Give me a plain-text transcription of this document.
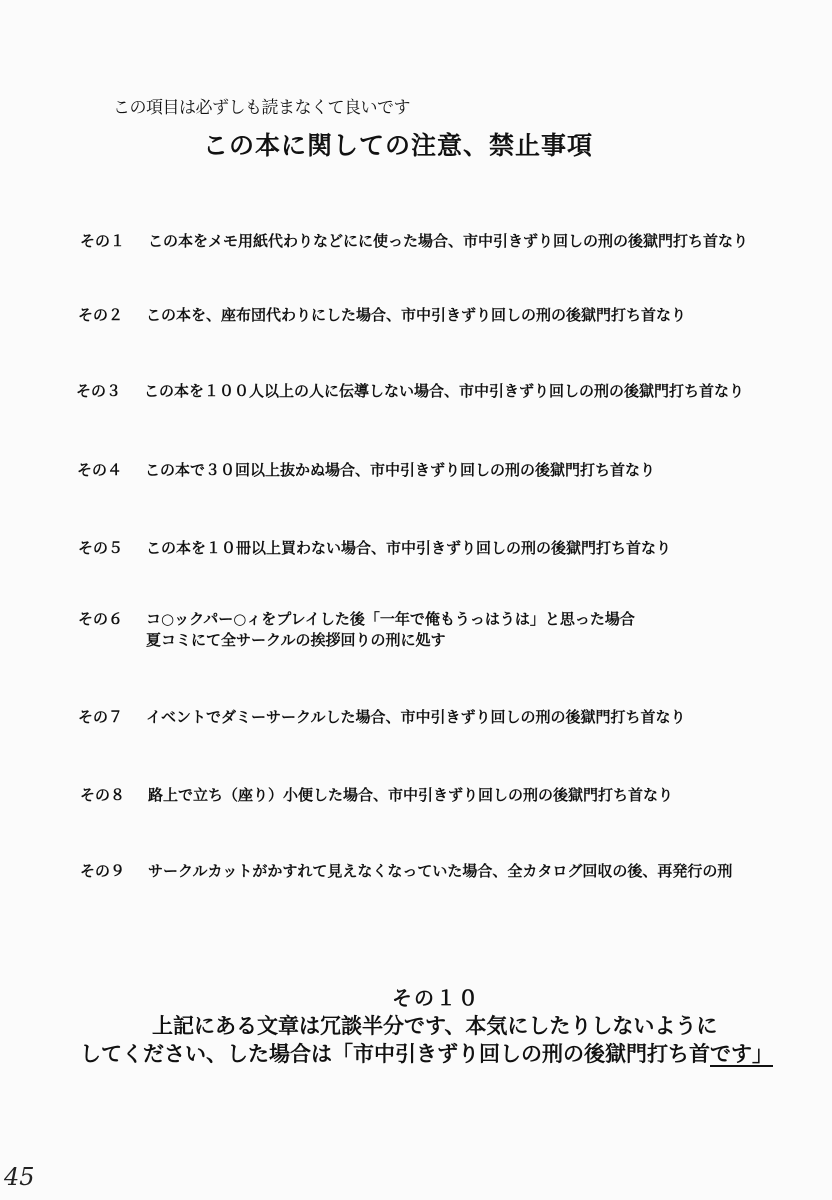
この項目は必ずしも読まなくて良いです
この本に関しての注意、禁止事項
その１ この本をメモ用紙代わりなどにに使った場合、市中引きずり回しの刑の後獄門打ち首なり
その２ この本を、座布団代わりにした場合、市中引きずり回しの刑の後獄門打ち首なり
その３ この本を１００人以上の人に伝導しない場合、市中引きずり回しの刑の後獄門打ち首なり
その４ この本で３０回以上抜かぬ場合、市中引きずり回しの刑の後獄門打ち首なり
その５ この本を１０冊以上買わない場合、市中引きずり回しの刑の後獄門打ち首なり
その６ コ○ックパー○ィをプレイした後「一年で俺もうっはうは」と思った場合
夏コミにて全サークルの挨拶回りの刑に処す
その７ イベントでダミーサークルした場合、市中引きずり回しの刑の後獄門打ち首なり
その８ 路上で立ち（座り）小便した場合、市中引きずり回しの刑の後獄門打ち首なり
その９ サークルカットがかすれて見えなくなっていた場合、全カタログ回収の後、再発行の刑
その１０
上記にある文章は冗談半分です、本気にしたりしないように
してください、した場合は「市中引きずり回しの刑の後獄門打ち首です」
45
